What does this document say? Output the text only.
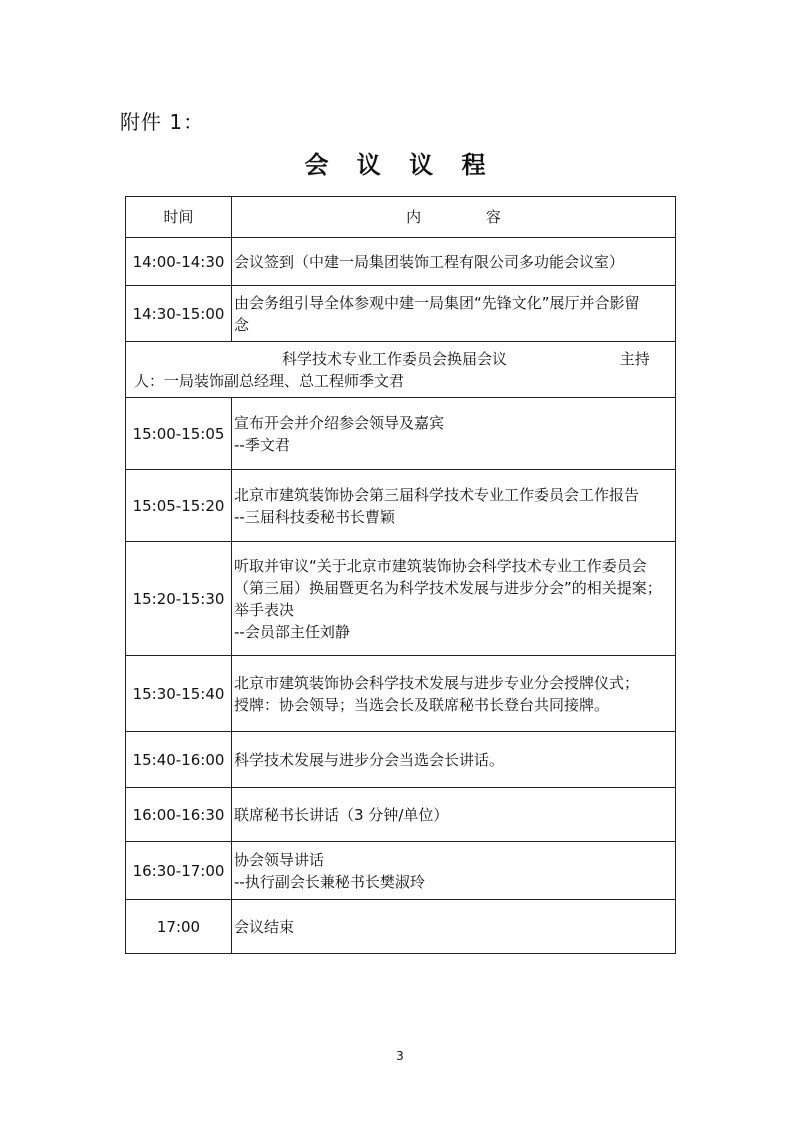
附件 1：
会 议 议 程
时间	内 容
14:00-14:30	会议签到（中建一局集团装饰工程有限公司多功能会议室）

14:30-15:00	由会务组引导全体参观中建一局集团“先锋文化”展厅并合影留
念

科学技术专业工作委员会换届会议 主持人：一局装饰副总经理、总工程师季文君	
15:00-15:05	宣布开会并介绍参会领导及嘉宾
--季文君

15:05-15:20	北京市建筑装饰协会第三届科学技术专业工作委员会工作报告
--三届科技委秘书长曹颖

15:20-15:30	听取并审议“关于北京市建筑装饰协会科学技术专业工作委员会
（第三届）换届暨更名为科学技术发展与进步分会”的相关提案；
举手表决
--会员部主任刘静

15:30-15:40	北京市建筑装饰协会科学技术发展与进步专业分会授牌仪式；
授牌：协会领导；当选会长及联席秘书长登台共同接牌。

15:40-16:00	科学技术发展与进步分会当选会长讲话。

16:00-16:30	联席秘书长讲话（3 分钟/单位）

16:30-17:00	协会领导讲话
--执行副会长兼秘书长樊淑玲

17:00	会议结束
3
